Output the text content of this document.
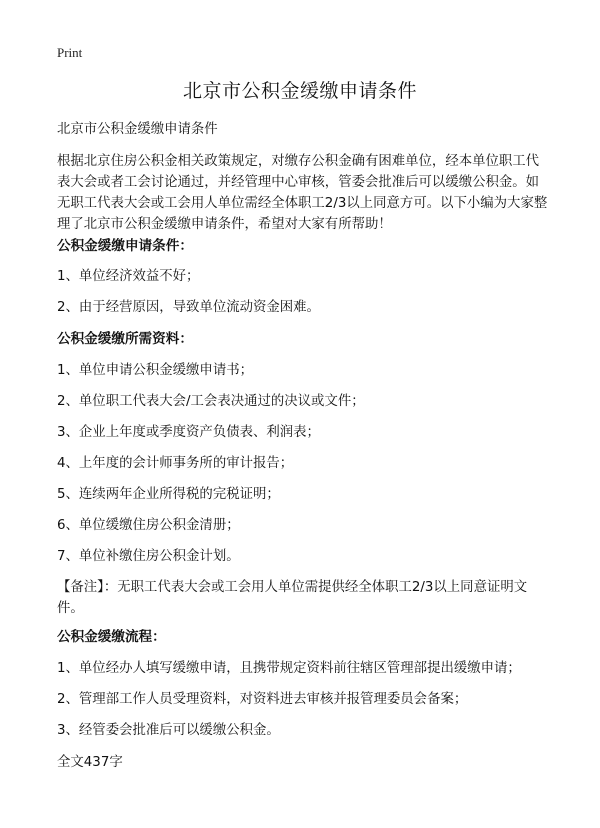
Print
北京市公积金缓缴申请条件

北京市公积金缓缴申请条件

根据北京住房公积金相关政策规定，对缴存公积金确有困难单位，经本单位职工代表大会或者工会讨论通过，并经管理中心审核，管委会批准后可以缓缴公积金。如无职工代表大会或工会用人单位需经全体职工2/3以上同意方可。以下小编为大家整理了北京市公积金缓缴申请条件，希望对大家有所帮助！

公积金缓缴申请条件：

1、单位经济效益不好；

2、由于经营原因，导致单位流动资金困难。

公积金缓缴所需资料：

1、单位申请公积金缓缴申请书；

2、单位职工代表大会/工会表决通过的决议或文件；

3、企业上年度或季度资产负债表、利润表；

4、上年度的会计师事务所的审计报告；

5、连续两年企业所得税的完税证明；

6、单位缓缴住房公积金清册；

7、单位补缴住房公积金计划。

【备注】：无职工代表大会或工会用人单位需提供经全体职工2/3以上同意证明文件。

公积金缓缴流程：

1、单位经办人填写缓缴申请，且携带规定资料前往辖区管理部提出缓缴申请；

2、管理部工作人员受理资料，对资料进去审核并报管理委员会备案；

3、经管委会批准后可以缓缴公积金。

全文437字
